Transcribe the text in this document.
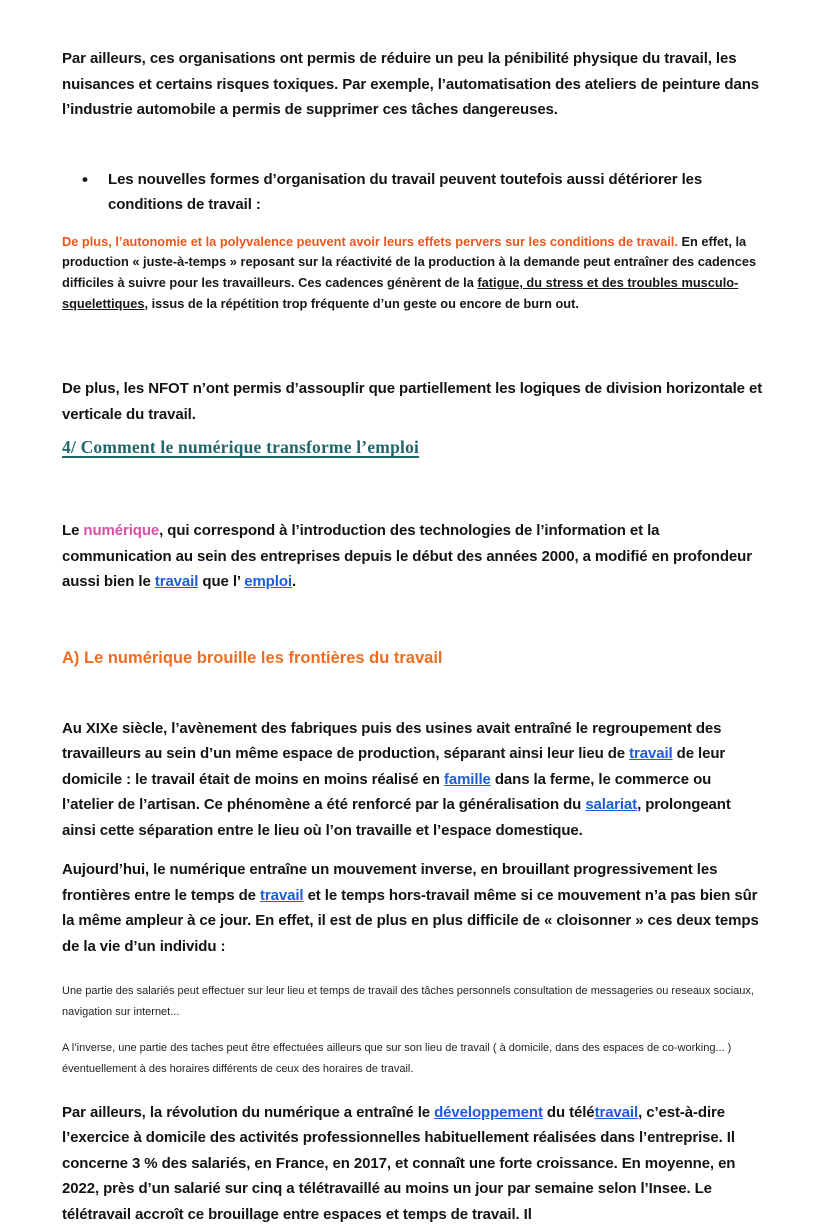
Par ailleurs, ces organisations ont permis de réduire un peu la pénibilité physique du travail, les nuisances et certains risques toxiques. Par exemple, l’automatisation des ateliers de peinture dans l’industrie automobile a permis de supprimer ces tâches dangereuses.

• Les nouvelles formes d’organisation du travail peuvent toutefois aussi détériorer les conditions de travail :

De plus, l’autonomie et la polyvalence peuvent avoir leurs effets pervers sur les conditions de travail. En effet, la production « juste-à-temps » reposant sur la réactivité de la production à la demande peut entraîner des cadences difficiles à suivre pour les travailleurs. Ces cadences génèrent de la fatigue, du stress et des troubles musculo-squelettiques, issus de la répétition trop fréquente d’un geste ou encore de burn out.

De plus, les NFOT n’ont permis d’assouplir que partiellement les logiques de division horizontale et verticale du travail.

4/ Comment le numérique transforme l’emploi

Le numérique, qui correspond à l’introduction des technologies de l’information et la communication au sein des entreprises depuis le début des années 2000, a modifié en profondeur aussi bien le travail que l’ emploi.

A) Le numérique brouille les frontières du travail

Au XIXe siècle, l’avènement des fabriques puis des usines avait entraîné le regroupement des travailleurs au sein d’un même espace de production, séparant ainsi leur lieu de travail de leur domicile : le travail était de moins en moins réalisé en famille dans la ferme, le commerce ou l’atelier de l’artisan. Ce phénomène a été renforcé par la généralisation du salariat, prolongeant ainsi cette séparation entre le lieu où l’on travaille et l’espace domestique.

Aujourd’hui, le numérique entraîne un mouvement inverse, en brouillant progressivement les frontières entre le temps de travail et le temps hors-travail même si ce mouvement n’a pas bien sûr la même ampleur à ce jour. En effet, il est de plus en plus difficile de « cloisonner » ces deux temps de la vie d’un individu :

Une partie des salariés peut effectuer sur leur lieu et temps de travail des tâches personnels consultation de messageries ou reseaux sociaux, navigation sur internet...

A l’inverse, une partie des taches peut être effectuées ailleurs que sur son lieu de travail ( à domicile, dans des espaces de co-working... ) éventuellement à des horaires différents de ceux des horaires de travail.

Par ailleurs, la révolution du numérique a entraîné le développement du télétravail, c’est-à-dire l’exercice à domicile des activités professionnelles habituellement réalisées dans l’entreprise. Il concerne 3 % des salariés, en France, en 2017, et connaît une forte croissance. En moyenne, en 2022, près d’un salarié sur cinq a télétravaillé au moins un jour par semaine selon l’Insee. Le télétravail accroît ce brouillage entre espaces et temps de travail. Il
